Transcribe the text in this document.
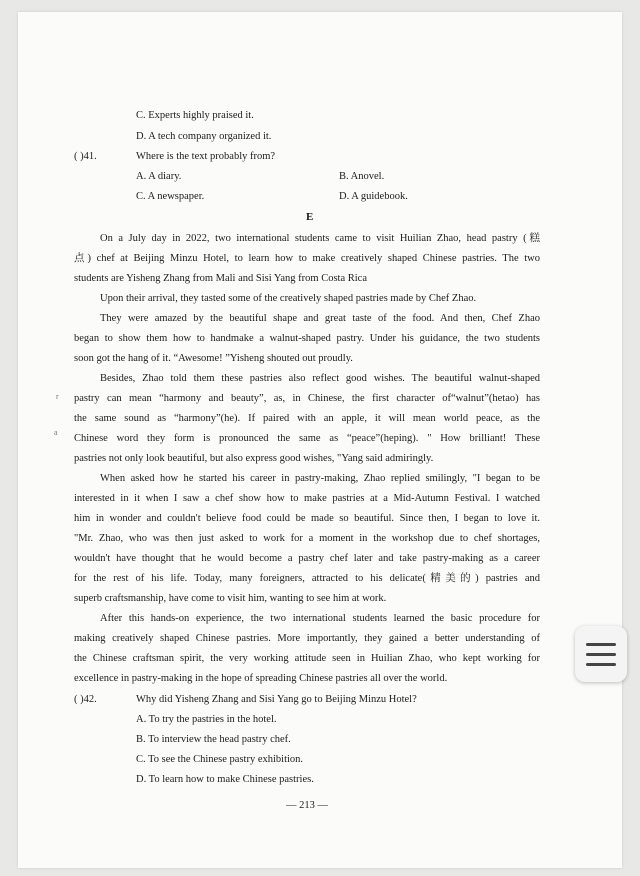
C. Experts highly praised it.
D. A tech company organized it.
( )41.	Where is the text probably from?
A. A diary.	B. Anovel.
C. A newspaper.	D. A guidebook.
E

On a July day in 2022, two international students came to visit Huilian Zhao, head pastry (糕

点) chef at Beijing Minzu Hotel, to learn how to make creatively shaped Chinese pastries. The two

students are Yisheng Zhang from Mali and Sisi Yang from Costa Rica

Upon their arrival, they tasted some of the creatively shaped pastries made by Chef Zhao.

They were amazed by the beautiful shape and great taste of the food. And then, Chef Zhao

began to show them how to handmake a walnut-shaped pastry. Under his guidance, the two students

soon got the hang of it. “Awesome! ”Yisheng shouted out proudly.

Besides, Zhao told them these pastries also reflect good wishes. The beautiful walnut-shaped

pastry can mean “harmony and beauty”, as, in Chinese, the first character of“walnut”(hetao) has

the same sound as “harmony”(he). If paired with an apple, it will mean world peace, as the

Chinese word they form is pronounced the same as “peace”(heping). " How brilliant! These

pastries not only look beautiful, but also express good wishes, "Yang said admiringly.

When asked how he started his career in pastry-making, Zhao replied smilingly, "I began to be

interested in it when I saw a chef show how to make pastries at a Mid-Autumn Festival. I watched

him in wonder and couldn't believe food could be made so beautiful. Since then, I began to love it.

"Mr. Zhao, who was then just asked to work for a moment in the workshop due to chef shortages,

wouldn't have thought that he would become a pastry chef later and take pastry-making as a career

for the rest of his life. Today, many foreigners, attracted to his delicate(精美的) pastries and

superb craftsmanship, have come to visit him, wanting to see him at work.

After this hands-on experience, the two international students learned the basic procedure for

making creatively shaped Chinese pastries. More importantly, they gained a better understanding of

the Chinese craftsman spirit, the very working attitude seen in Huilian Zhao, who kept working for

excellence in pastry-making in the hope of spreading Chinese pastries all over the world.

r
a
( )42.	Why did Yisheng Zhang and Sisi Yang go to Beijing Minzu Hotel?
A. To try the pastries in the hotel.
B. To interview the head pastry chef.
C. To see the Chinese pastry exhibition.
D. To learn how to make Chinese pastries.
— 213 —
